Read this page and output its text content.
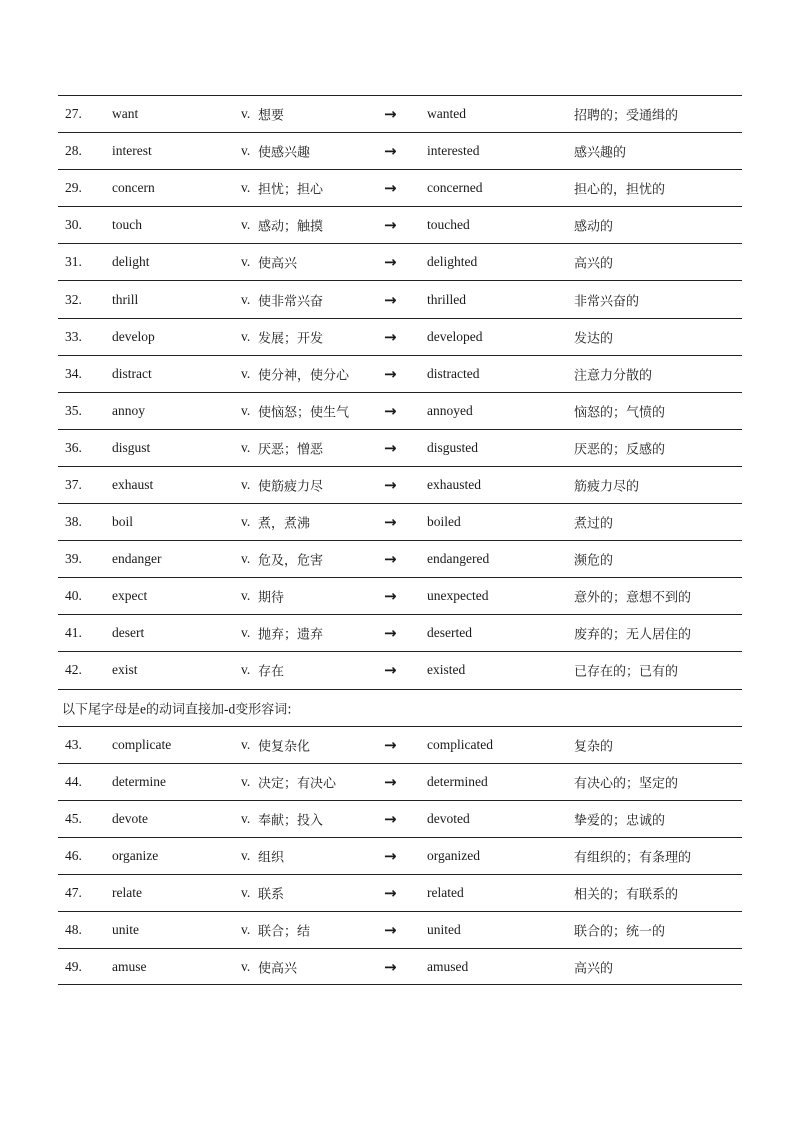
27. want	v. 想要	→ wanted	招聘的；受通缉的
28. interest	v. 使感兴趣	→ interested	感兴趣的
29. concern	v. 担忧；担心	→ concerned	担心的，担忧的
30. touch	v. 感动；触摸	→ touched	感动的
31. delight	v. 使高兴	→ delighted	高兴的
32. thrill	v. 使非常兴奋	→ thrilled	非常兴奋的
33. develop	v. 发展；开发	→ developed	发达的
34. distract	v. 使分神，使分心 → distracted	注意力分散的
35. annoy	v. 使恼怒；使生气 → annoyed	恼怒的；气愤的
36. disgust	v. 厌恶；憎恶	→ disgusted	厌恶的；反感的
37. exhaust	v. 使筋疲力尽	→ exhausted	筋疲力尽的
38. boil	v. 煮，煮沸	→ boiled	煮过的
39. endanger	v. 危及，危害	→ endangered	濒危的
40. expect	v. 期待	→ unexpected	意外的；意想不到的
41. desert	v. 抛弃；遗弃	→ deserted	废弃的；无人居住的
42. exist	v. 存在	→ existed	已存在的；已有的
以下尾字母是e的动词直接加-d变形容词:
43. complicate	v. 使复杂化	→ complicated	复杂的
44. determine	v. 决定；有决心	→ determined	有决心的；坚定的
45. devote	v. 奉献；投入	→ devoted	挚爱的；忠诚的
46. organize	v. 组织	→ organized	有组织的；有条理的
47. relate	v. 联系	→ related	相关的；有联系的
48. unite	v. 联合；结	→ united	联合的；统一的
49. amuse	v. 使高兴	→ amused	高兴的
